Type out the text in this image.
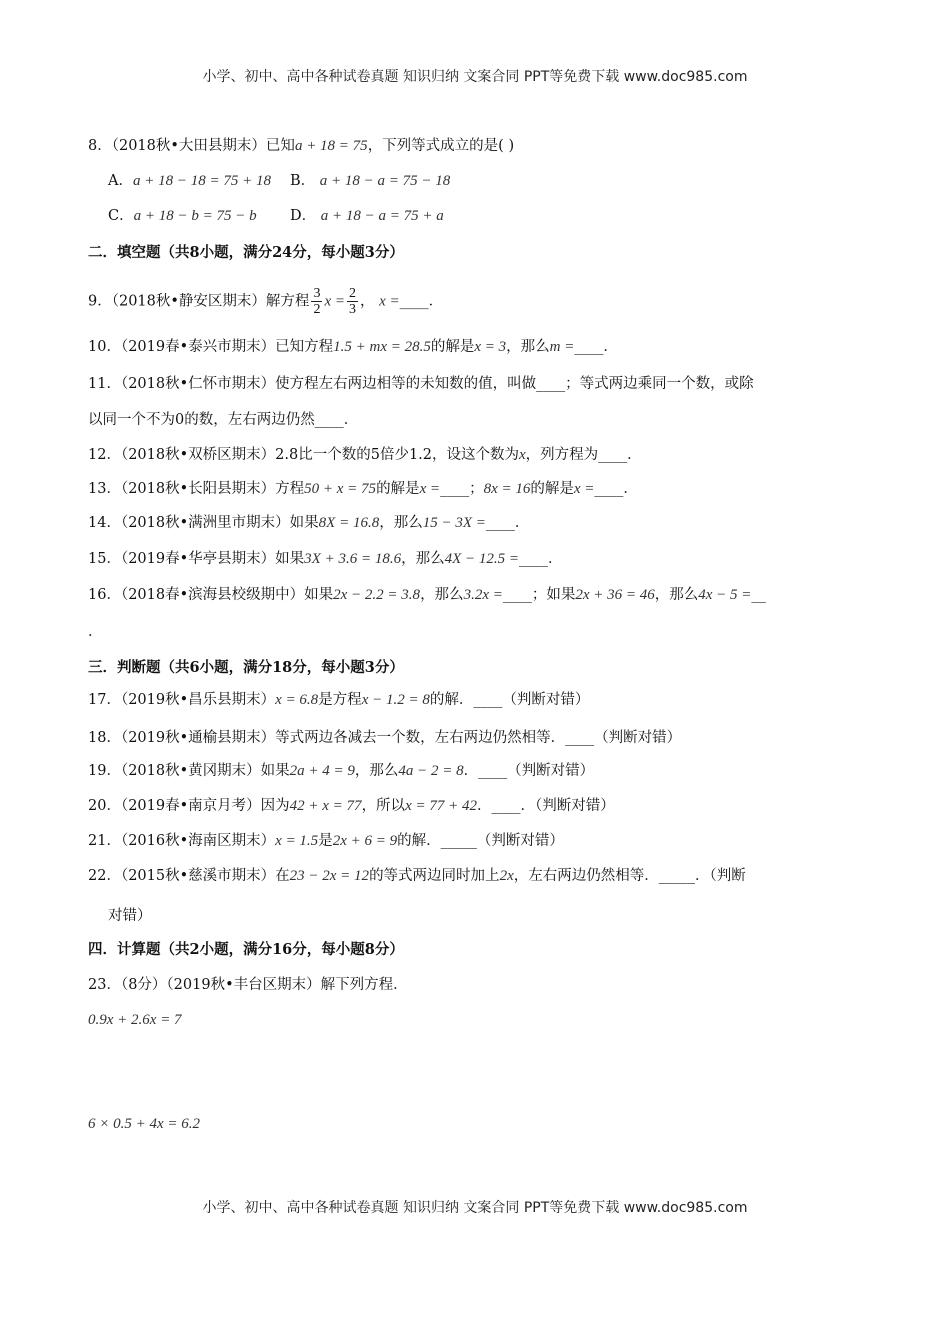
小学、初中、高中各种试卷真题 知识归纳 文案合同 PPT等免费下载 www.doc985.com
8．（2018秋•大田县期末）已知a + 18 = 75，下列等式成立的是( )
A．a + 18 − 18 = 75 + 18 B． a + 18 − a = 75 − 18
C．a + 18 − b = 75 − b D． a + 18 − a = 75 + a
二．填空题（共8小题，满分24分，每小题3分）
9．（2018秋•静安区期末）解方程 $\frac{3}{2}$ $x = \frac{2}{3}$ ， x =____．
10．（2019春•泰兴市期末）已知方程1.5 + mx = 28.5的解是x = 3，那么m =____．
11．（2018秋•仁怀市期末）使方程左右两边相等的未知数的值，叫做____；等式两边乘同一个数，或除
以同一个不为0的数，左右两边仍然____．
12．（2018秋•双桥区期末）2.8比一个数的5倍少1.2，设这个数为x，列方程为____．
13．（2018秋•长阳县期末）方程50 + x = 75的解是x =____；8x = 16的解是x =____．
14．（2018秋•满洲里市期末）如果8X = 16.8，那么15 − 3X =____．
15．（2019春•华亭县期末）如果3X + 3.6 = 18.6，那么4X − 12.5 =____．
16．（2018春•滨海县校级期中）如果2x − 2.2 = 3.8，那么3.2x =____；如果2x + 36 = 46，那么4x − 5 =__
．
三．判断题（共6小题，满分18分，每小题3分）
17．（2019秋•昌乐县期末）x = 6.8是方程x − 1.2 = 8的解．____（判断对错）
18．（2019秋•通榆县期末）等式两边各减去一个数，左右两边仍然相等．____（判断对错）
19．（2018秋•黄冈期末）如果2a + 4 = 9，那么4a − 2 = 8．____（判断对错）
20．（2019春•南京月考）因为42 + x = 77，所以x = 77 + 42．____．（判断对错）
21．（2016秋•海南区期末）x = 1.5是2x + 6 = 9的解．_____（判断对错）
22．（2015秋•慈溪市期末）在23 − 2x = 12的等式两边同时加上2x，左右两边仍然相等．_____．（判断
对错）
四．计算题（共2小题，满分16分，每小题8分）
23．（8分）（2019秋•丰台区期末）解下列方程．
0.9x + 2.6x = 7
6 × 0.5 + 4x = 6.2
小学、初中、高中各种试卷真题 知识归纳 文案合同 PPT等免费下载 www.doc985.com
